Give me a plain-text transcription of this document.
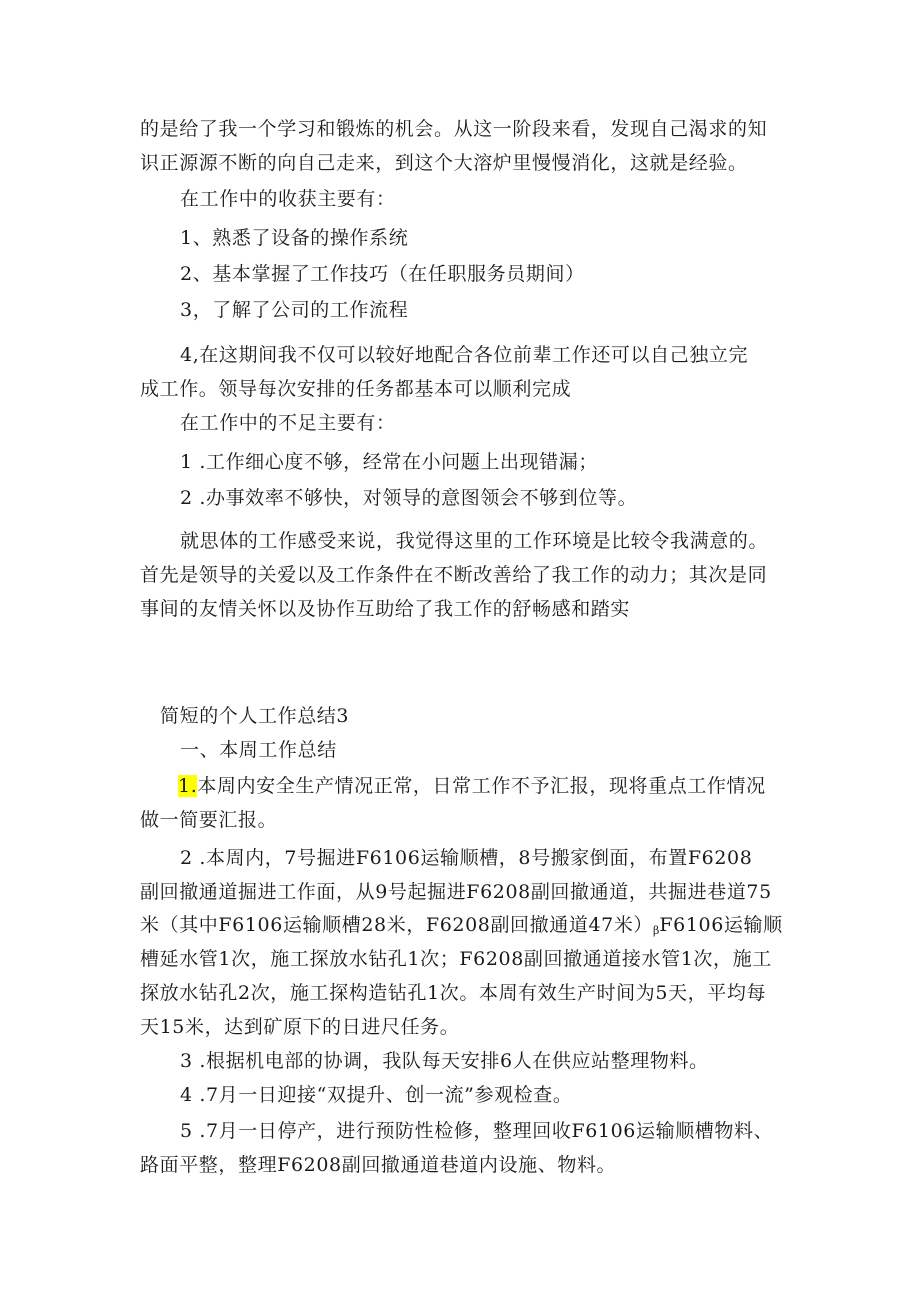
的是给了我一个学习和锻炼的机会。从这一阶段来看，发现自己渴求的知
识正源源不断的向自己走来，到这个大溶炉里慢慢消化，这就是经验。
在工作中的收获主要有：
1、熟悉了设备的操作系统
2、基本掌握了工作技巧（在任职服务员期间）
3，了解了公司的工作流程
4,在这期间我不仅可以较好地配合各位前辈工作还可以自己独立完
成工作。领导每次安排的任务都基本可以顺利完成
在工作中的不足主要有：
1 .工作细心度不够，经常在小问题上出现错漏；
2 .办事效率不够快，对领导的意图领会不够到位等。
就思体的工作感受来说，我觉得这里的工作环境是比较令我满意的。
首先是领导的关爱以及工作条件在不断改善给了我工作的动力；其次是同
事间的友情关怀以及协作互助给了我工作的舒畅感和踏实
简短的个人工作总结3
一、本周工作总结
1.本周内安全生产情况正常，日常工作不予汇报，现将重点工作情况
做一简要汇报。
2 .本周内，7号掘进F6106运输顺槽，8号搬家倒面，布置F6208
副回撤通道掘进工作面，从9号起掘进F6208副回撤通道，共掘进巷道75
米（其中F6106运输顺槽28米，F6208副回撤通道47米）$_\beta F6106$运输顺
槽延水管1次，施工探放水钻孔1次；F6208副回撤通道接水管1次，施工
探放水钻孔2次，施工探构造钻孔1次。本周有效生产时间为5天，平均每
天15米，达到矿原下的日进尺任务。
3 .根据机电部的协调，我队每天安排6人在供应站整理物料。
4 .7月一日迎接“双提升、创一流”参观检查。
5 .7月一日停产，进行预防性检修，整理回收F6106运输顺槽物料、
路面平整，整理F6208副回撤通道巷道内设施、物料。
